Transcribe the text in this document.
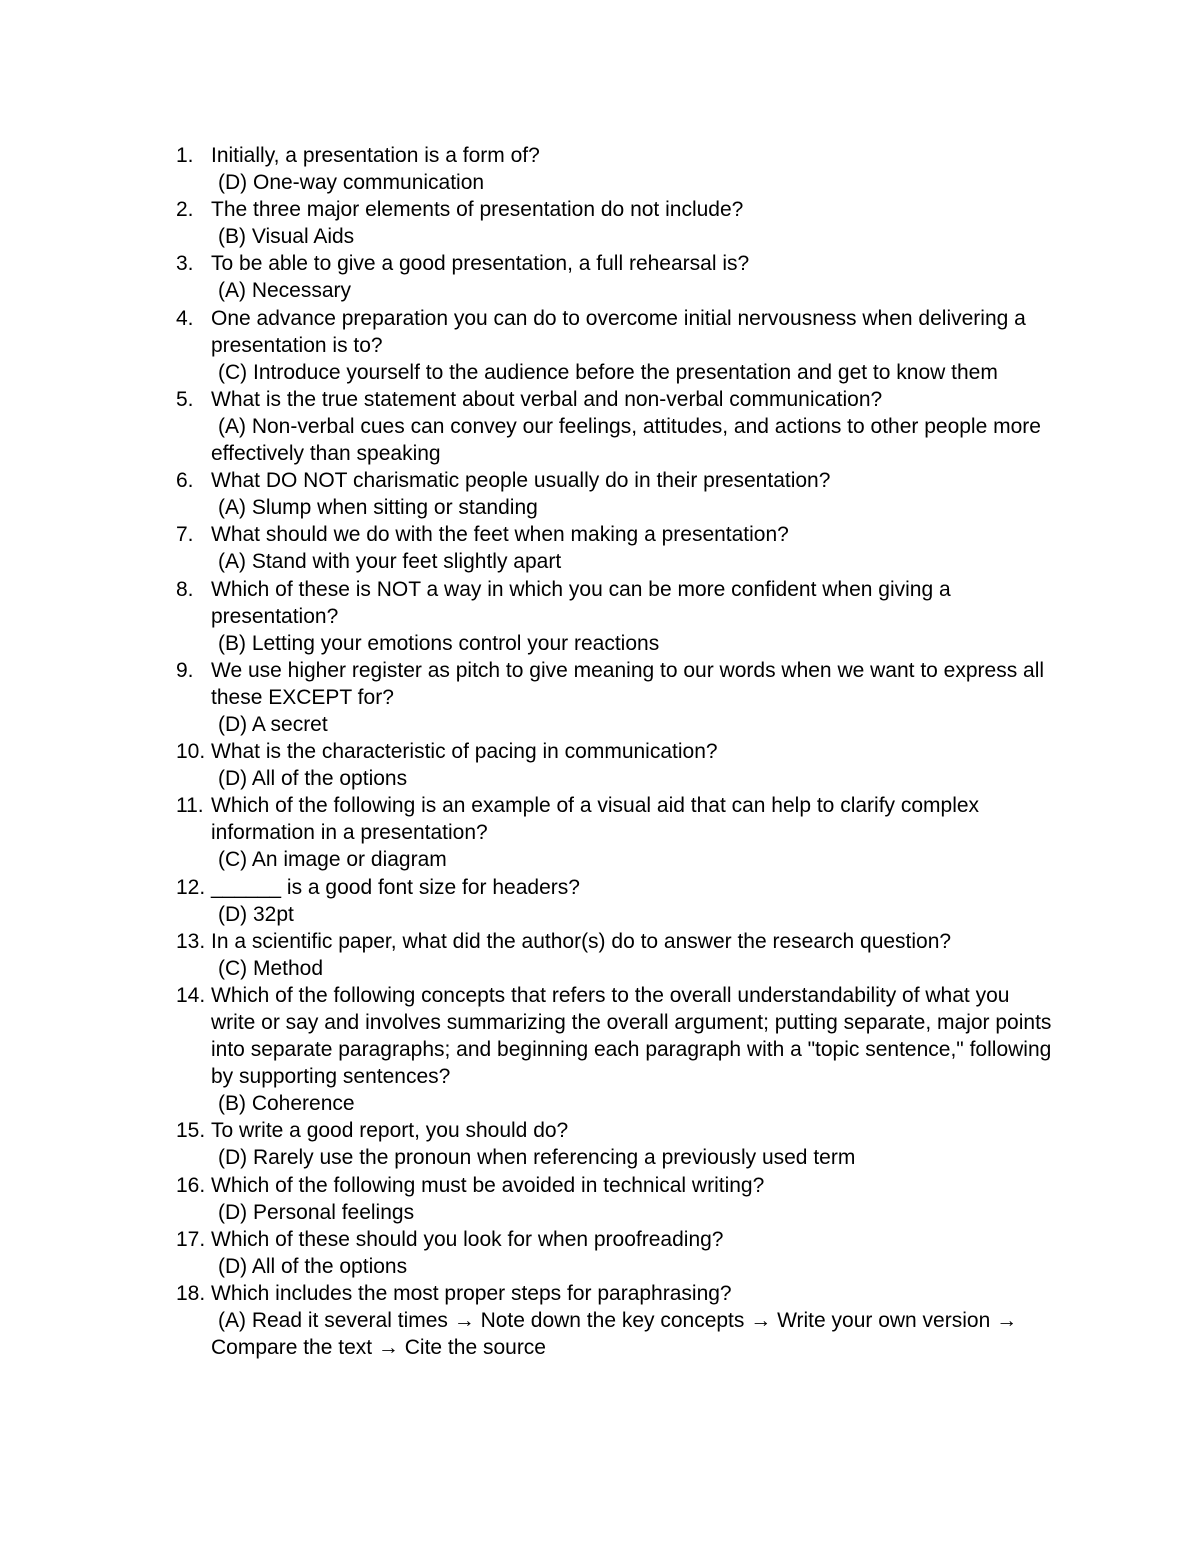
1. Initially, a presentation is a form of?
(D) One-way communication
2. The three major elements of presentation do not include?
(B) Visual Aids
3. To be able to give a good presentation, a full rehearsal is?
(A) Necessary
4. One advance preparation you can do to overcome initial nervousness when delivering a presentation is to?
(C) Introduce yourself to the audience before the presentation and get to know them
5. What is the true statement about verbal and non-verbal communication?
(A) Non-verbal cues can convey our feelings, attitudes, and actions to other people more effectively than speaking
6. What DO NOT charismatic people usually do in their presentation?
(A) Slump when sitting or standing
7. What should we do with the feet when making a presentation?
(A) Stand with your feet slightly apart
8. Which of these is NOT a way in which you can be more confident when giving a presentation?
(B) Letting your emotions control your reactions
9. We use higher register as pitch to give meaning to our words when we want to express all these EXCEPT for?
(D) A secret
10. What is the characteristic of pacing in communication?
(D) All of the options
11. Which of the following is an example of a visual aid that can help to clarify complex information in a presentation?
(C) An image or diagram
12. ______ is a good font size for headers?
(D) 32pt
13. In a scientific paper, what did the author(s) do to answer the research question?
(C) Method
14. Which of the following concepts that refers to the overall understandability of what you write or say and involves summarizing the overall argument; putting separate, major points into separate paragraphs; and beginning each paragraph with a "topic sentence," following by supporting sentences?
(B) Coherence
15. To write a good report, you should do?
(D) Rarely use the pronoun when referencing a previously used term
16. Which of the following must be avoided in technical writing?
(D) Personal feelings
17. Which of these should you look for when proofreading?
(D) All of the options
18. Which includes the most proper steps for paraphrasing?
(A) Read it several times → Note down the key concepts → Write your own version → Compare the text → Cite the source
